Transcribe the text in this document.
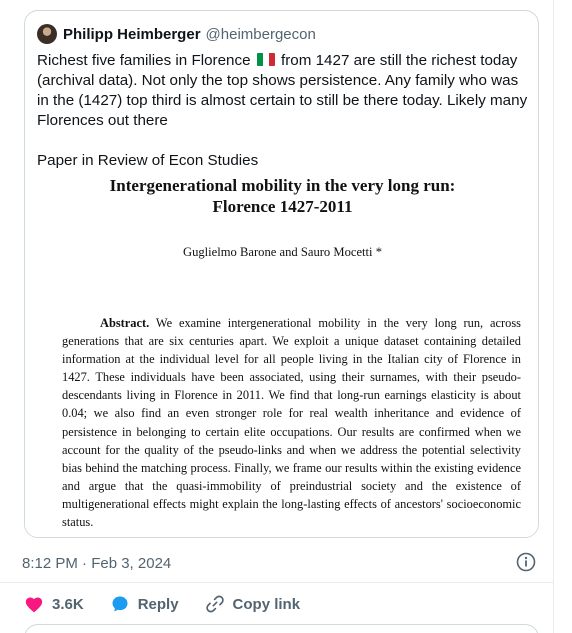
Philipp Heimberger @heimbergecon
Richest five families in Florence from 1427 are still the richest today (archival data). Not only the top shows persistence. Any family who was in the (1427) top third is almost certain to still be there today. Likely many Florences out there
Paper in Review of Econ Studies
Intergenerational mobility in the very long run:
Florence 1427-2011
Guglielmo Barone and Sauro Mocetti *
Abstract. We examine intergenerational mobility in the very long run, across generations that are six centuries apart. We exploit a unique dataset containing detailed information at the individual level for all people living in the Italian city of Florence in 1427. These individuals have been associated, using their surnames, with their pseudo-descendants living in Florence in 2011. We find that long-run earnings elasticity is about 0.04; we also find an even stronger role for real wealth inheritance and evidence of persistence in belonging to certain elite occupations. Our results are confirmed when we account for the quality of the pseudo-links and when we address the potential selectivity bias behind the matching process. Finally, we frame our results within the existing evidence and argue that the quasi-immobility of preindustrial society and the existence of multigenerational effects might explain the long-lasting effects of ancestors' socioeconomic status.
8:12 PM · Feb 3, 2024
3.6K	Reply	Copy link
